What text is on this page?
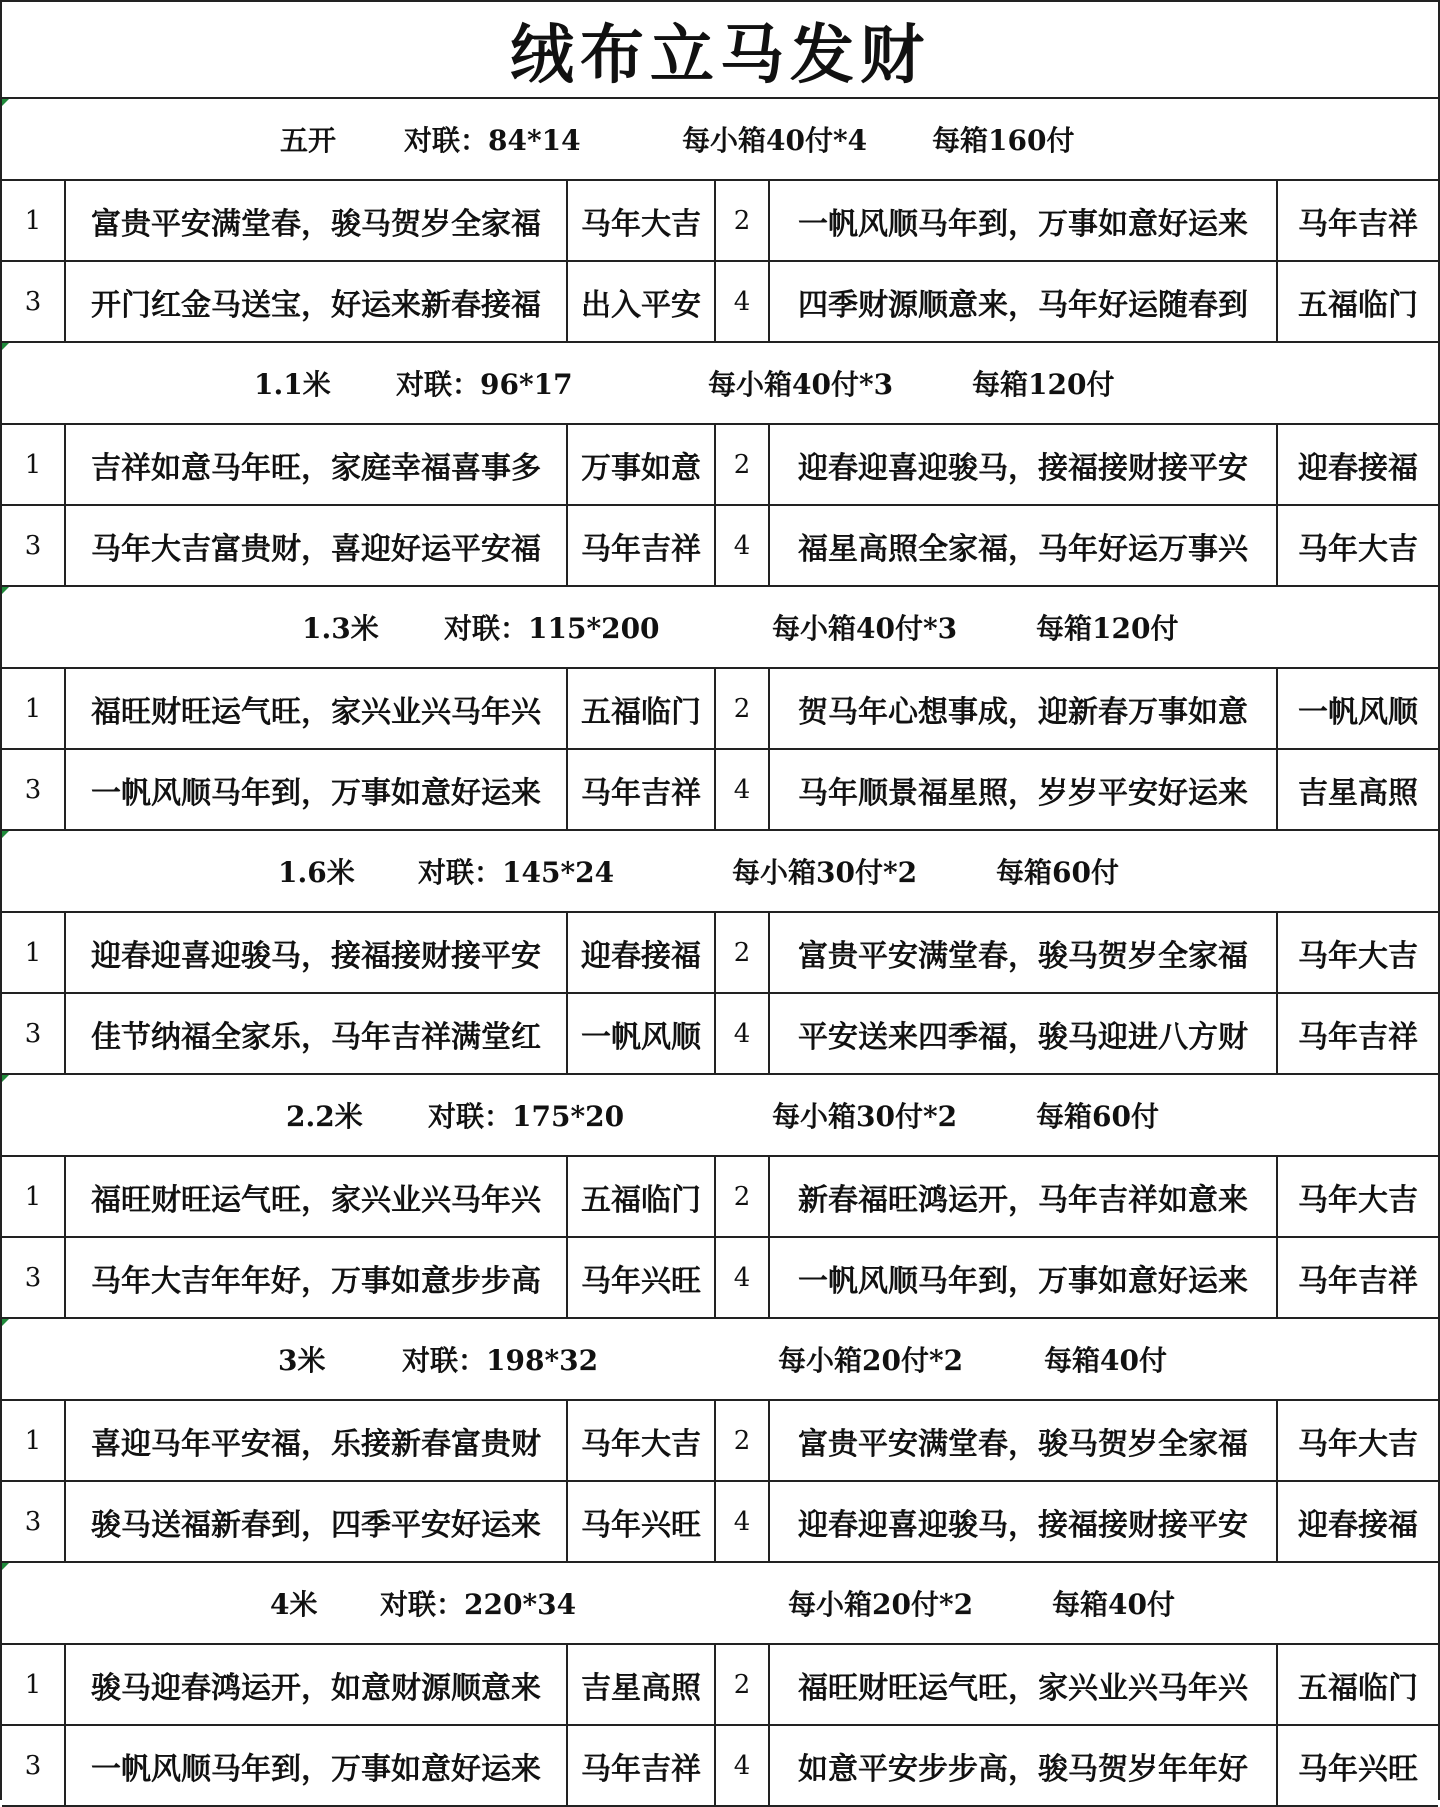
绒布立马发财
五开 对联：84*14	每小箱40付*4 每箱160付
1	富贵平安满堂春，骏马贺岁全家福	马年大吉	2	一帆风顺马年到，万事如意好运来	马年吉祥
3	开门红金马送宝，好运来新春接福	出入平安	4	四季财源顺意来，马年好运随春到	五福临门
1.1米 对联：96*17	每小箱40付*3	每箱120付
1	吉祥如意马年旺，家庭幸福喜事多	万事如意	2	迎春迎喜迎骏马，接福接财接平安	迎春接福
3	马年大吉富贵财，喜迎好运平安福	马年吉祥	4	福星高照全家福，马年好运万事兴	马年大吉
1.3米 对联：115*200	每小箱40付*3	每箱120付
1	福旺财旺运气旺，家兴业兴马年兴	五福临门	2	贺马年心想事成，迎新春万事如意	一帆风顺
3	一帆风顺马年到，万事如意好运来	马年吉祥	4	马年顺景福星照，岁岁平安好运来	吉星高照
1.6米 对联：145*24	每小箱30付*2	每箱60付
1	迎春迎喜迎骏马，接福接财接平安	迎春接福	2	富贵平安满堂春，骏马贺岁全家福	马年大吉
3	佳节纳福全家乐，马年吉祥满堂红	一帆风顺	4	平安送来四季福，骏马迎进八方财	马年吉祥
2.2米 对联：175*20	每小箱30付*2	每箱60付
1	福旺财旺运气旺，家兴业兴马年兴	五福临门	2	新春福旺鸿运开，马年吉祥如意来	马年大吉
3	马年大吉年年好，万事如意步步高	马年兴旺	4	一帆风顺马年到，万事如意好运来	马年吉祥
3米	对联：198*32	每小箱20付*2	每箱40付
1	喜迎马年平安福，乐接新春富贵财	马年大吉	2	富贵平安满堂春，骏马贺岁全家福	马年大吉
3	骏马送福新春到，四季平安好运来	马年兴旺	4	迎春迎喜迎骏马，接福接财接平安	迎春接福
4米 对联：220*34	每小箱20付*2	每箱40付
1	骏马迎春鸿运开，如意财源顺意来	吉星高照	2	福旺财旺运气旺，家兴业兴马年兴	五福临门
3	一帆风顺马年到，万事如意好运来	马年吉祥	4	如意平安步步高，骏马贺岁年年好	马年兴旺
